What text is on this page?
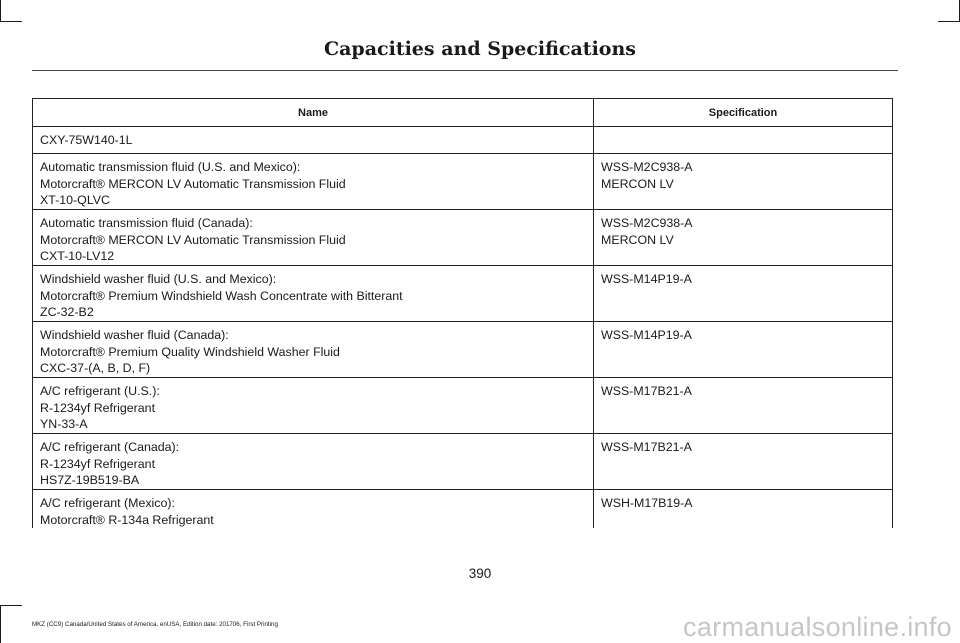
Capacities and Specifications
Name	Specification

CXY-75W140-1L	

Automatic transmission fluid (U.S. and Mexico):
Motorcraft® MERCON LV Automatic Transmission Fluid
XT-10-QLVC	WSS-M2C938-A
MERCON LV

Automatic transmission fluid (Canada):
Motorcraft® MERCON LV Automatic Transmission Fluid
CXT-10-LV12	WSS-M2C938-A
MERCON LV

Windshield washer fluid (U.S. and Mexico):
Motorcraft® Premium Windshield Wash Concentrate with Bitterant
ZC-32-B2	WSS-M14P19-A

Windshield washer fluid (Canada):
Motorcraft® Premium Quality Windshield Washer Fluid
CXC-37-(A, B, D, F)	WSS-M14P19-A

A/C refrigerant (U.S.):
R-1234yf Refrigerant
YN-33-A	WSS-M17B21-A

A/C refrigerant (Canada):
R-1234yf Refrigerant
HS7Z-19B519-BA	WSS-M17B21-A

A/C refrigerant (Mexico):
Motorcraft® R-134a Refrigerant	WSH-M17B19-A
390
MKZ (CC9) Canada/United States of America, enUSA, Edition date: 201706, First Printing	carmanualsonline.info
